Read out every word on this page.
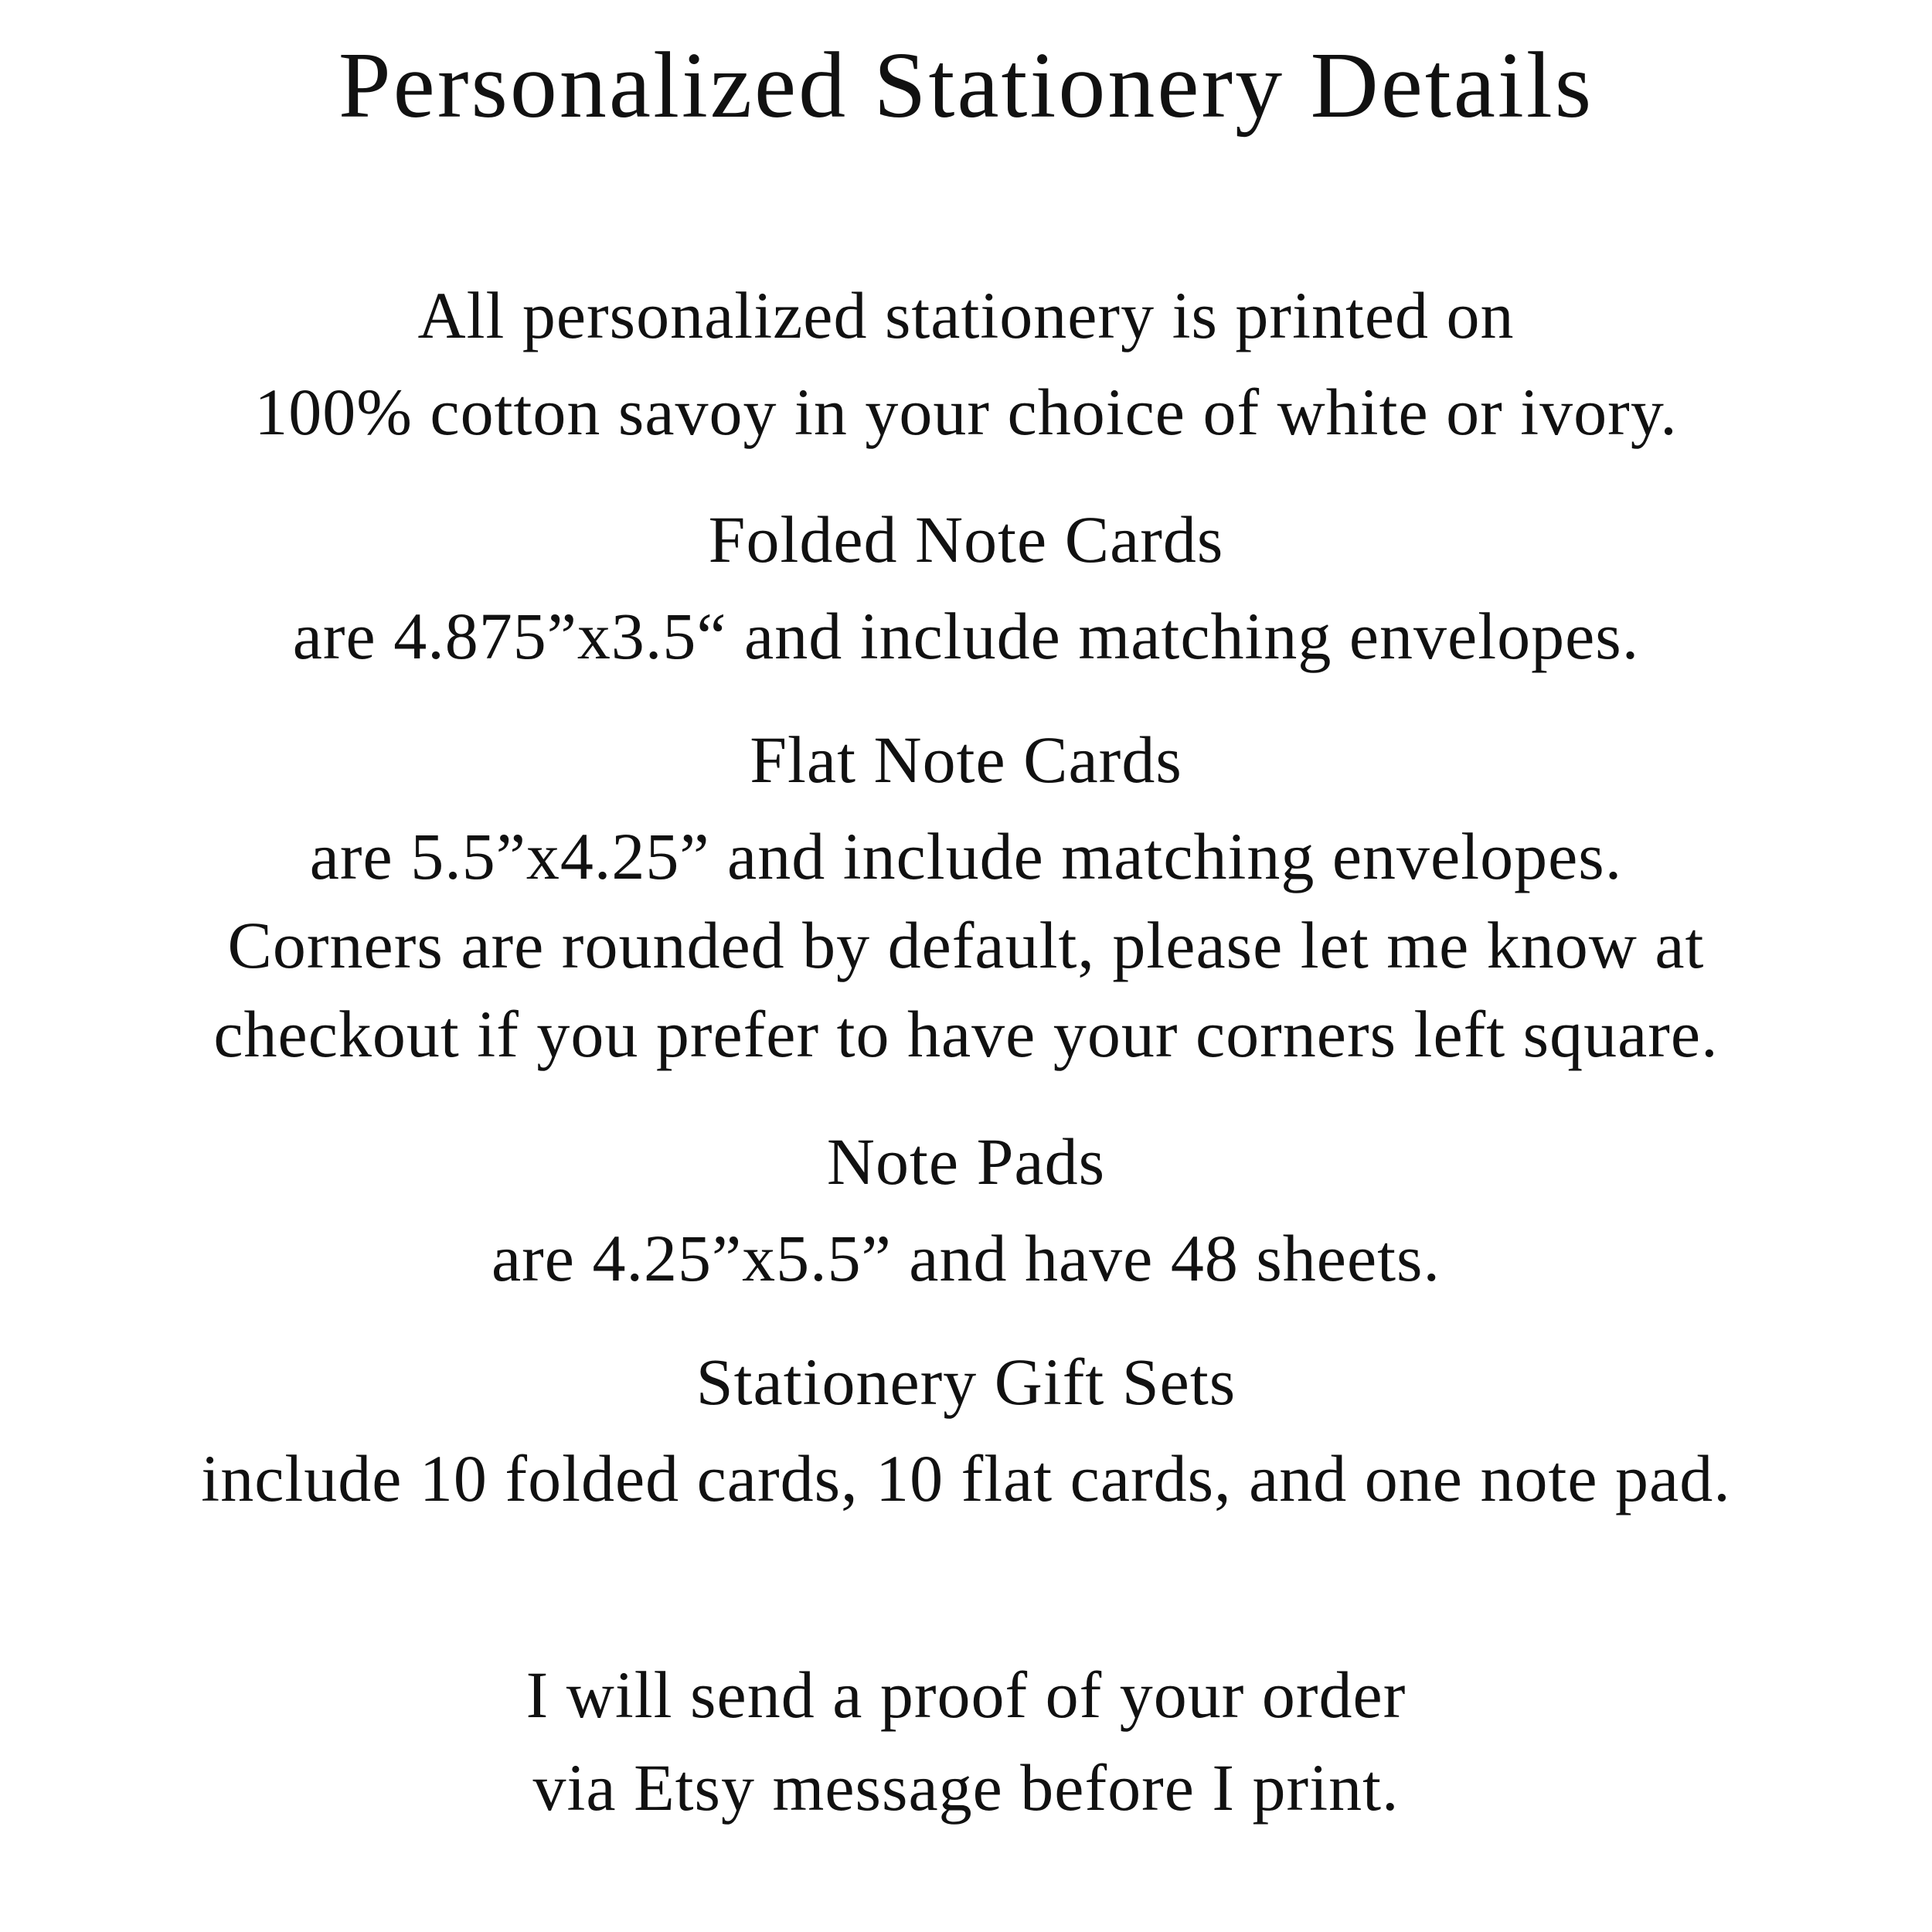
Personalized Stationery Details
All personalized stationery is printed on
100% cotton savoy in your choice of white or ivory.
Folded Note Cards
are 4.875”x3.5“ and include matching envelopes.
Flat Note Cards
are 5.5”x4.25” and include matching envelopes.
Corners are rounded by default, please let me know at
checkout if you prefer to have your corners left square.
Note Pads
are 4.25”x5.5” and have 48 sheets.
Stationery Gift Sets
include 10 folded cards, 10 flat cards, and one note pad.
I will send a proof of your order
via Etsy message before I print.
